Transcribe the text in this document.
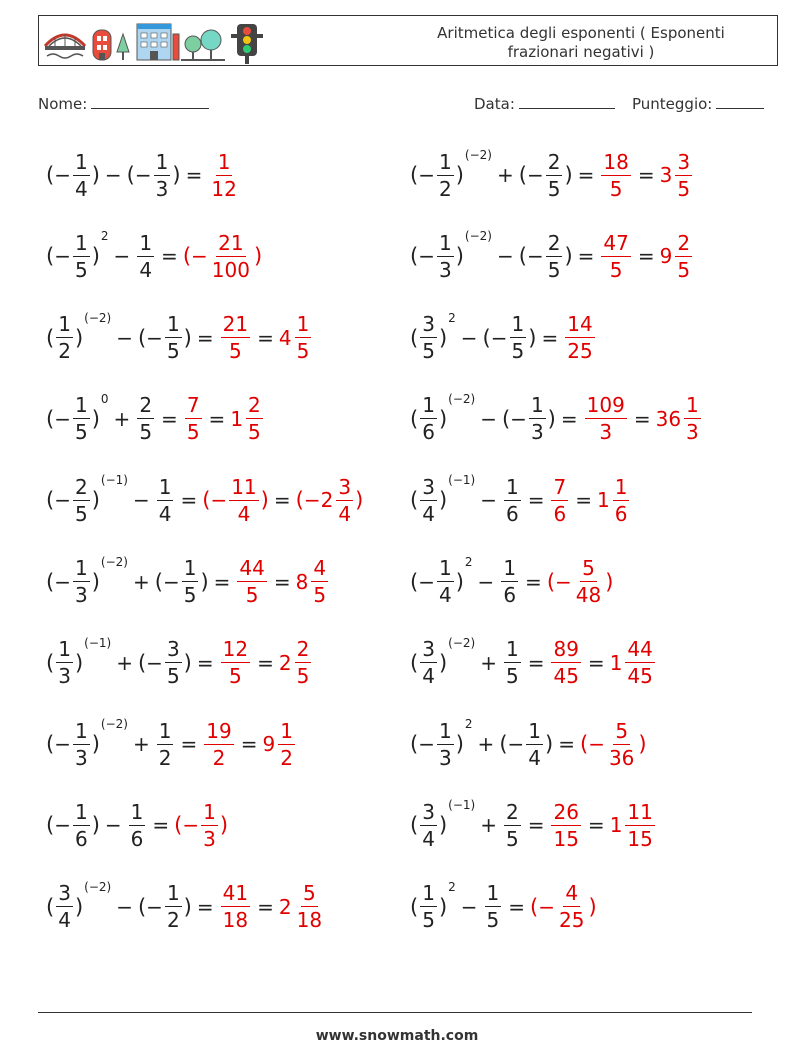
Aritmetica degli esponenti ( Esponenti frazionari negativi )
Nome:	Data:	Punteggio:
( − $\frac{1}{4}$ ) − ( − $\frac{1}{3}$ ) = $\frac{1}{12}$	( − $\frac{1}{2}$ )
(−2)
+ ( − $\frac{2}{5}$ ) = $\frac{18}{5} = 3 \frac{3}{5}$
( − $\frac{1}{5}$ )
2
− $\frac{1}{4}$ = ( − $\frac{21}{100}$ )	( − $\frac{1}{3}$ )
(−2)
− ( − $\frac{2}{5}$ ) = $\frac{47}{5} = 9 \frac{2}{5}$
( $\frac{1}{2}$ )
(−2)
− ( − $\frac{1}{5}$ ) = $\frac{21}{5} = 4 \frac{1}{5}$	( $\frac{3}{5}$ )
2
− ( − $\frac{1}{5}$ ) = $\frac{14}{25}$
( − $\frac{1}{5}$ )
0
+ $\frac{2}{5} = \frac{7}{5} = 1 \frac{2}{5}$	( $\frac{1}{6}$ )
(−2)
− ( − $\frac{1}{3}$ ) = $\frac{109}{3} = 36 \frac{1}{3}$
( − $\frac{2}{5}$ )
(−1)
− $\frac{1}{4}$ = ( − $\frac{11}{4}$ ) = ( − $2 \frac{3}{4}$ ) ( $\frac{3}{4}$ )
(−1)
− $\frac{1}{6} = \frac{7}{6} = 1 \frac{1}{6}$
( − $\frac{1}{3}$ )
(−2)
+ ( − $\frac{1}{5}$ ) = $\frac{44}{5} = 8 \frac{4}{5}$	( − $\frac{1}{4}$ )
2
− $\frac{1}{6}$ = ( − $\frac{5}{48}$ )
( $\frac{1}{3}$ )
(−1)
+ ( − $\frac{3}{5}$ ) = $\frac{12}{5} = 2 \frac{2}{5}$	( $\frac{3}{4}$ )
(−2)
+ $\frac{1}{5} = \frac{89}{45} = 1 \frac{44}{45}$
( − $\frac{1}{3}$ )
(−2)
+ $\frac{1}{2} = \frac{19}{2} = 9 \frac{1}{2}$	( − $\frac{1}{3}$ )
2
+ ( − $\frac{1}{4}$ ) = ( − $\frac{5}{36}$ )
( − $\frac{1}{6}$ ) − $\frac{1}{6}$ = ( − $\frac{1}{3}$ )	( $\frac{3}{4}$ )
(−1)
+ $\frac{2}{5} = \frac{26}{15} = 1 \frac{11}{15}$
( $\frac{3}{4}$ )
(−2)
− ( − $\frac{1}{2}$ ) = $\frac{41}{18} = 2 \frac{5}{18}$	( $\frac{1}{5}$ )
2
− $\frac{1}{5}$ = ( − $\frac{4}{25}$ )
www.snowmath.com
